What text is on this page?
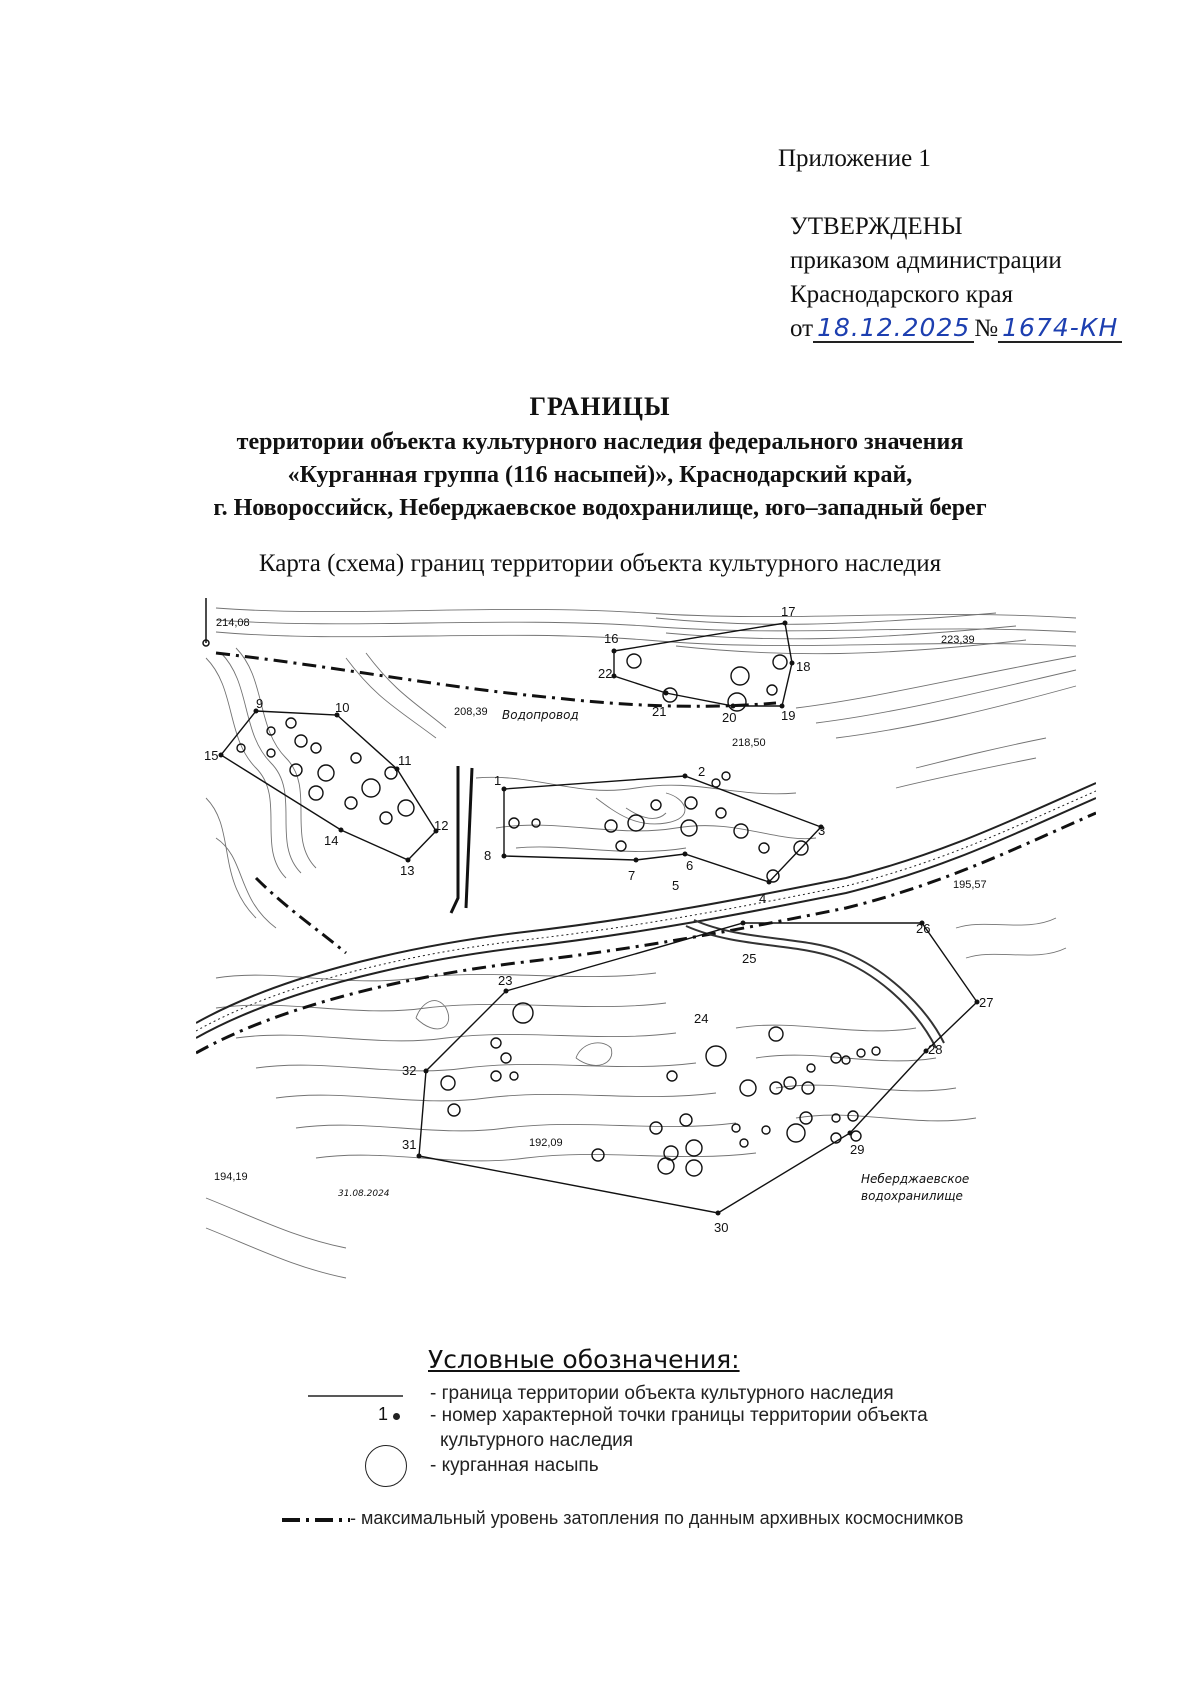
Приложение 1
УТВЕРЖДЕНЫ
приказом администрации
Краснодарского края
от 18.12.2025 № 1674-КН
ГРАНИЦЫ
территории объекта культурного наследия федерального значения
«Курганная группа (116 насыпей)», Краснодарский край,
г. Новороссийск, Неберджаевское водохранилище, юго–западный берег
Карта (схема) границ территории объекта культурного наследия
1
2
3
4
5
6
7
8
9	10
11
12
13
14
15
16
17
18
19
20
21
22
23
24
25
26
27
28
29
30
31
32
214,08
223,39
208,39
218,50
195,57
192,09
194,19
Водопровод
31.08.2024
Неберджаевское
водохранилище
Условные обозначения:
- граница территории объекта культурного наследия
1 - номер характерной точки границы территории объекта
культурного наследия
- курганная насыпь
- максимальный уровень затопления по данным архивных космоснимков
